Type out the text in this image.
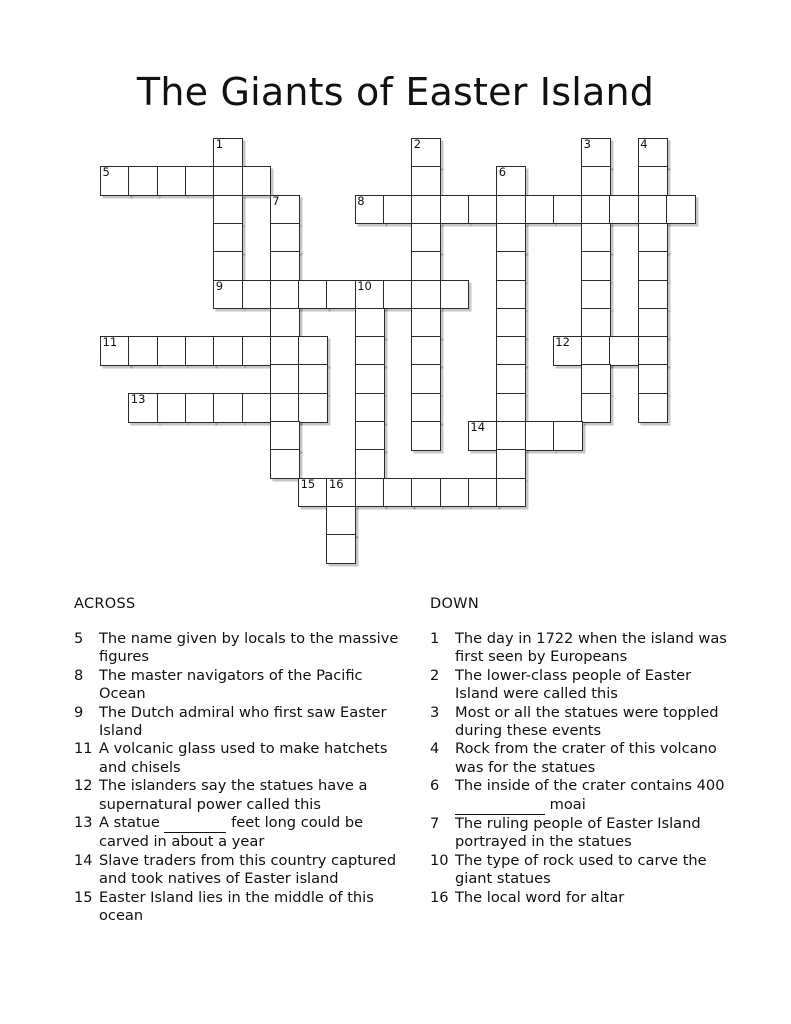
The Giants of Easter Island
1	2	3	4
5	6
7	8
9	10
11	12
13
14
15 16
ACROSS
5	The name given by locals to the massive figures
8	The master navigators of the Pacific Ocean
9	The Dutch admiral who first saw Easter Island
11 A volcanic glass used to make hatchets and chisels
12 The islanders say the statues have a supernatural power called this
13 A statue	feet long could be carved in about a year
14 Slave traders from this country captured and took natives of Easter island
15 Easter Island lies in the middle of this ocean
DOWN
1	The day in 1722 when the island was first seen by Europeans
2	The lower-class people of Easter Island were called this
3	Most or all the statues were toppled during these events
4	Rock from the crater of this volcano was for the statues
6	The inside of the crater contains 400   moai
7	The ruling people of Easter Island portrayed in the statues
10 The type of rock used to carve the giant statues
16 The local word for altar
